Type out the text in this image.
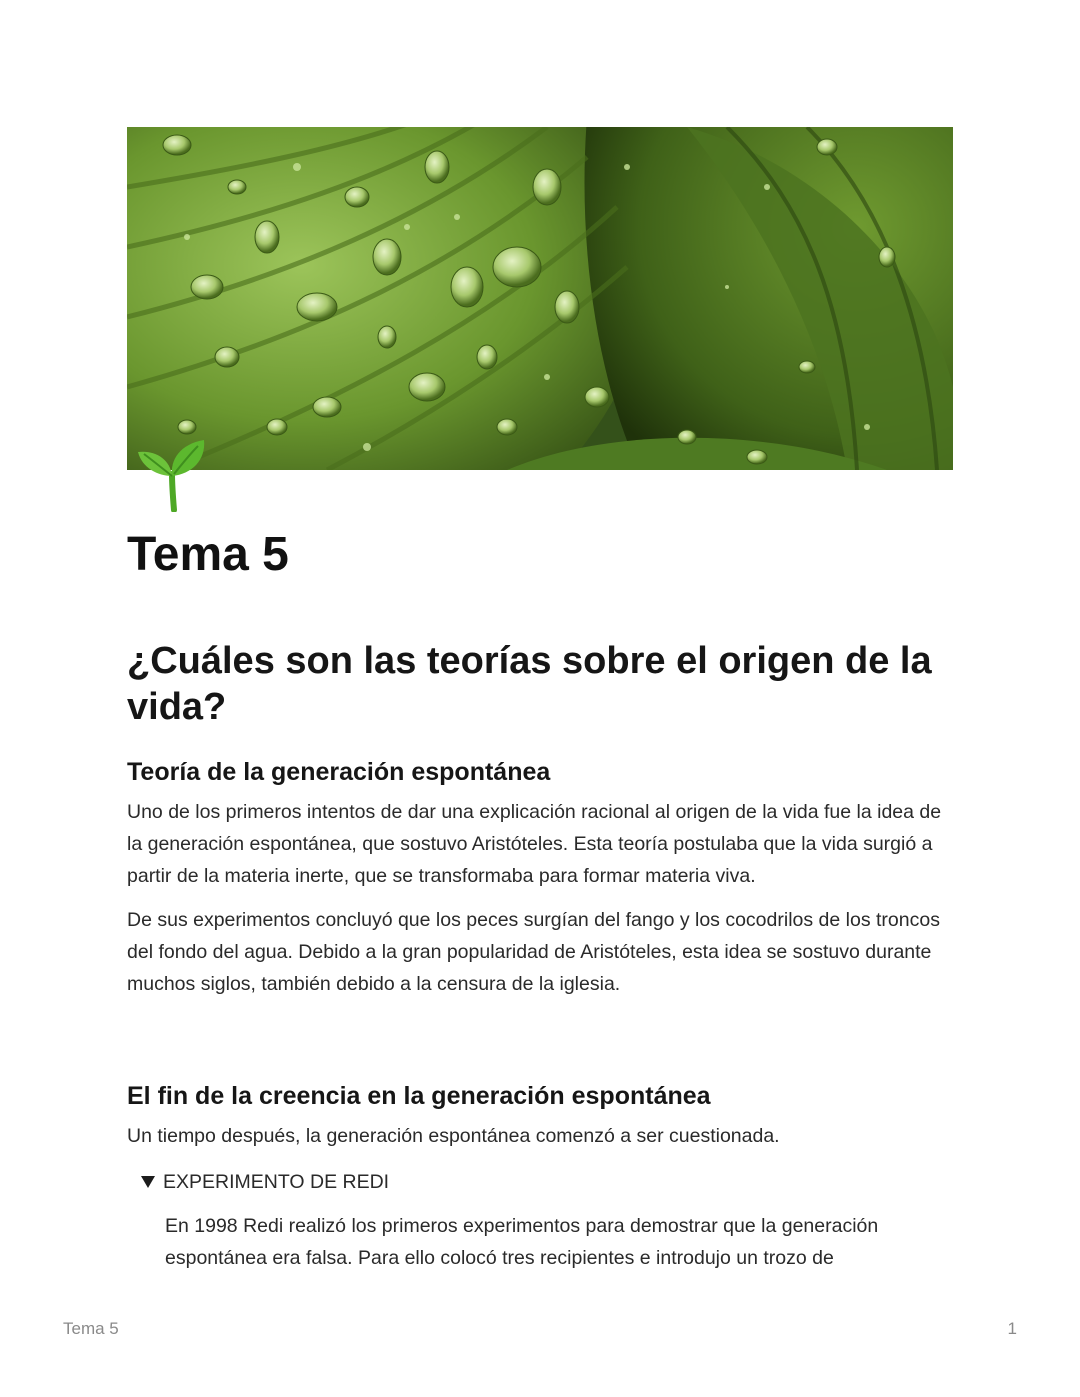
Tema 5
¿Cuáles son las teorías sobre el origen de la vida?
Teoría de la generación espontánea

Uno de los primeros intentos de dar una explicación racional al origen de la vida fue la idea de la generación espontánea, que sostuvo Aristóteles. Esta teoría postulaba que la vida surgió a partir de la materia inerte, que se transformaba para formar materia viva.

De sus experimentos concluyó que los peces surgían del fango y los cocodrilos de los troncos del fondo del agua. Debido a la gran popularidad de Aristóteles, esta idea se sostuvo durante muchos siglos, también debido a la censura de la iglesia.

El fin de la creencia en la generación espontánea

Un tiempo después, la generación espontánea comenzó a ser cuestionada.

EXPERIMENTO DE REDI

En 1998 Redi realizó los primeros experimentos para demostrar que la generación espontánea era falsa. Para ello colocó tres recipientes e introdujo un trozo de

Tema 5	1
